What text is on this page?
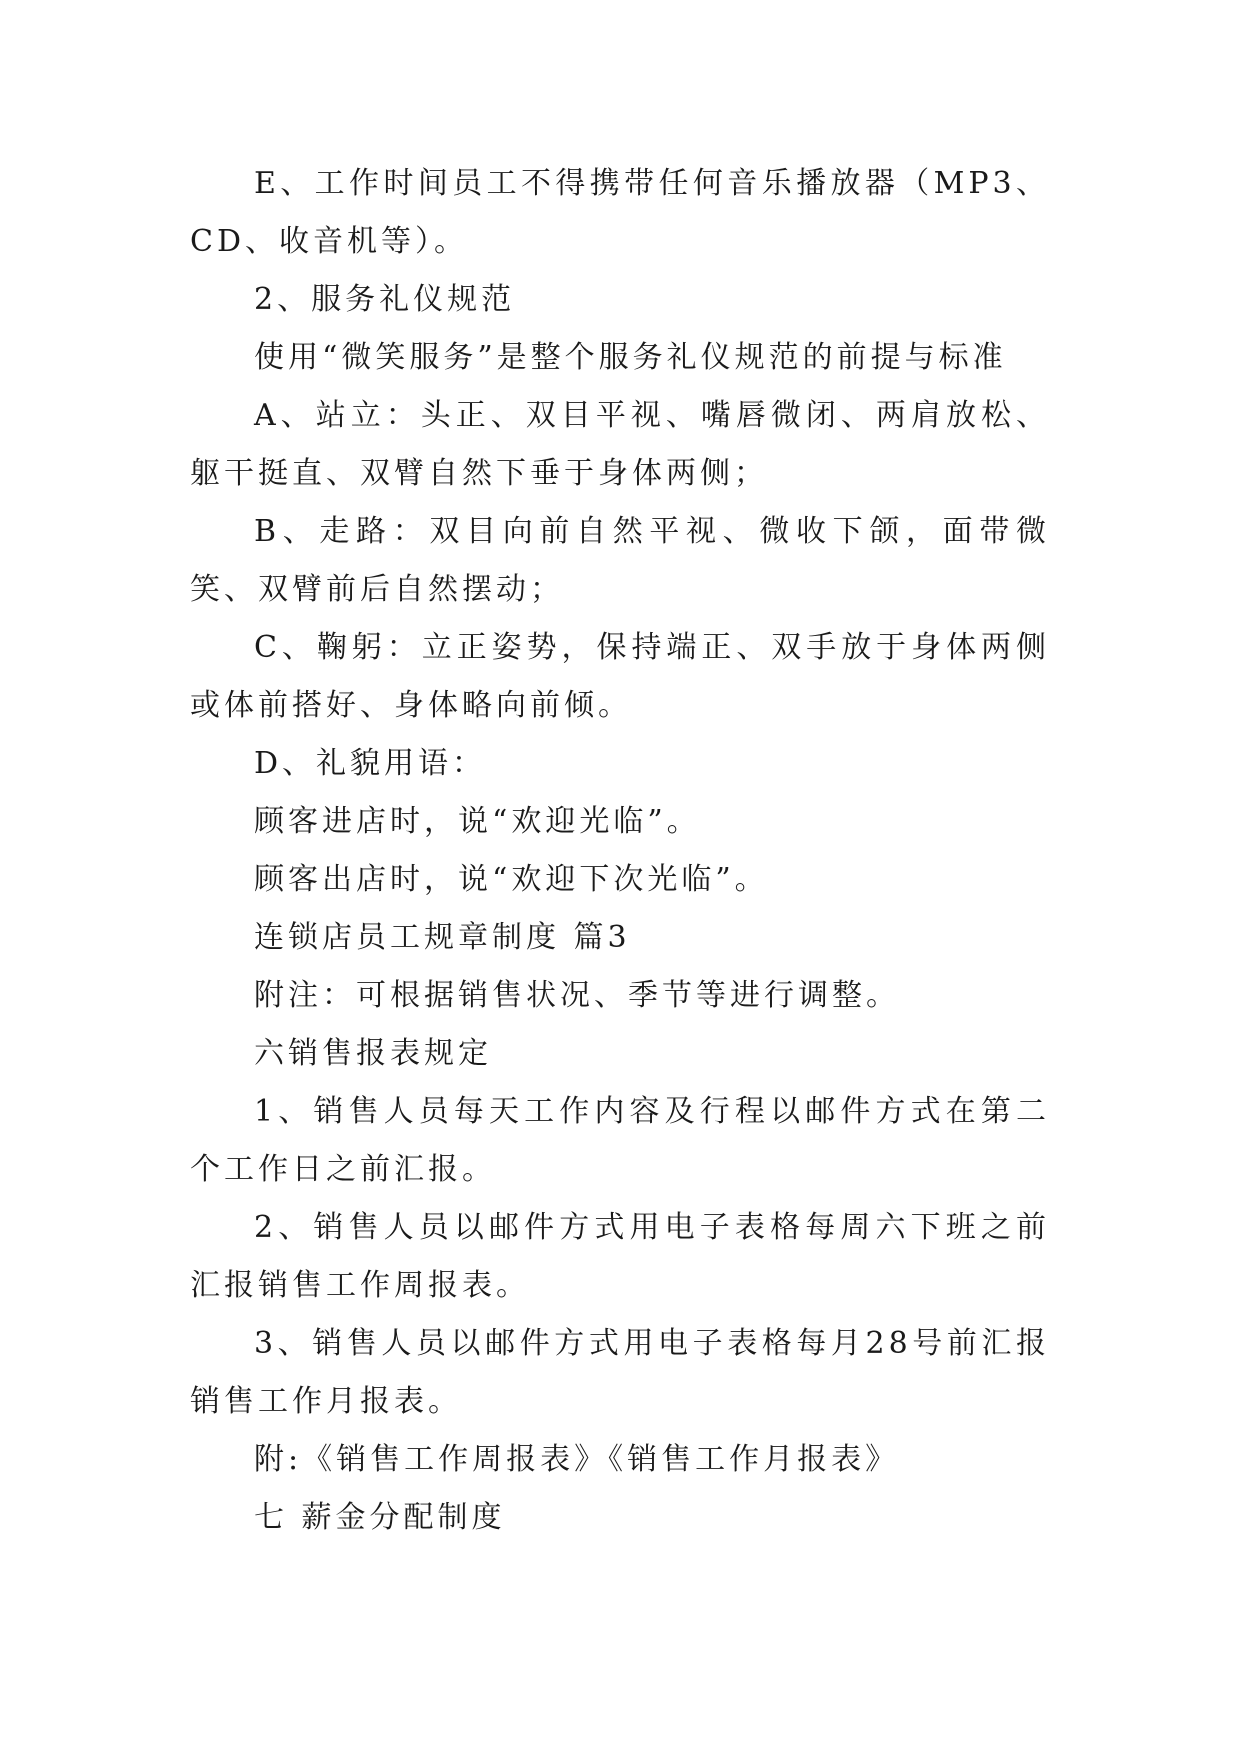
E、工作时间员工不得携带任何音乐播放器（MP3、CD、收音机等）。

2、服务礼仪规范

使用“微笑服务”是整个服务礼仪规范的前提与标准

A、站立：头正、双目平视、嘴唇微闭、两肩放松、躯干挺直、双臂自然下垂于身体两侧；

B、走路：双目向前自然平视、微收下颌，面带微笑、双臂前后自然摆动；

C、鞠躬：立正姿势，保持端正、双手放于身体两侧或体前搭好、身体略向前倾。

D、礼貌用语：

顾客进店时，说“欢迎光临”。

顾客出店时，说“欢迎下次光临”。

连锁店员工规章制度 篇3

附注：可根据销售状况、季节等进行调整。

六销售报表规定

1、销售人员每天工作内容及行程以邮件方式在第二个工作日之前汇报。

2、销售人员以邮件方式用电子表格每周六下班之前汇报销售工作周报表。

3、销售人员以邮件方式用电子表格每月28号前汇报销售工作月报表。

附:《销售工作周报表》《销售工作月报表》

七 薪金分配制度
